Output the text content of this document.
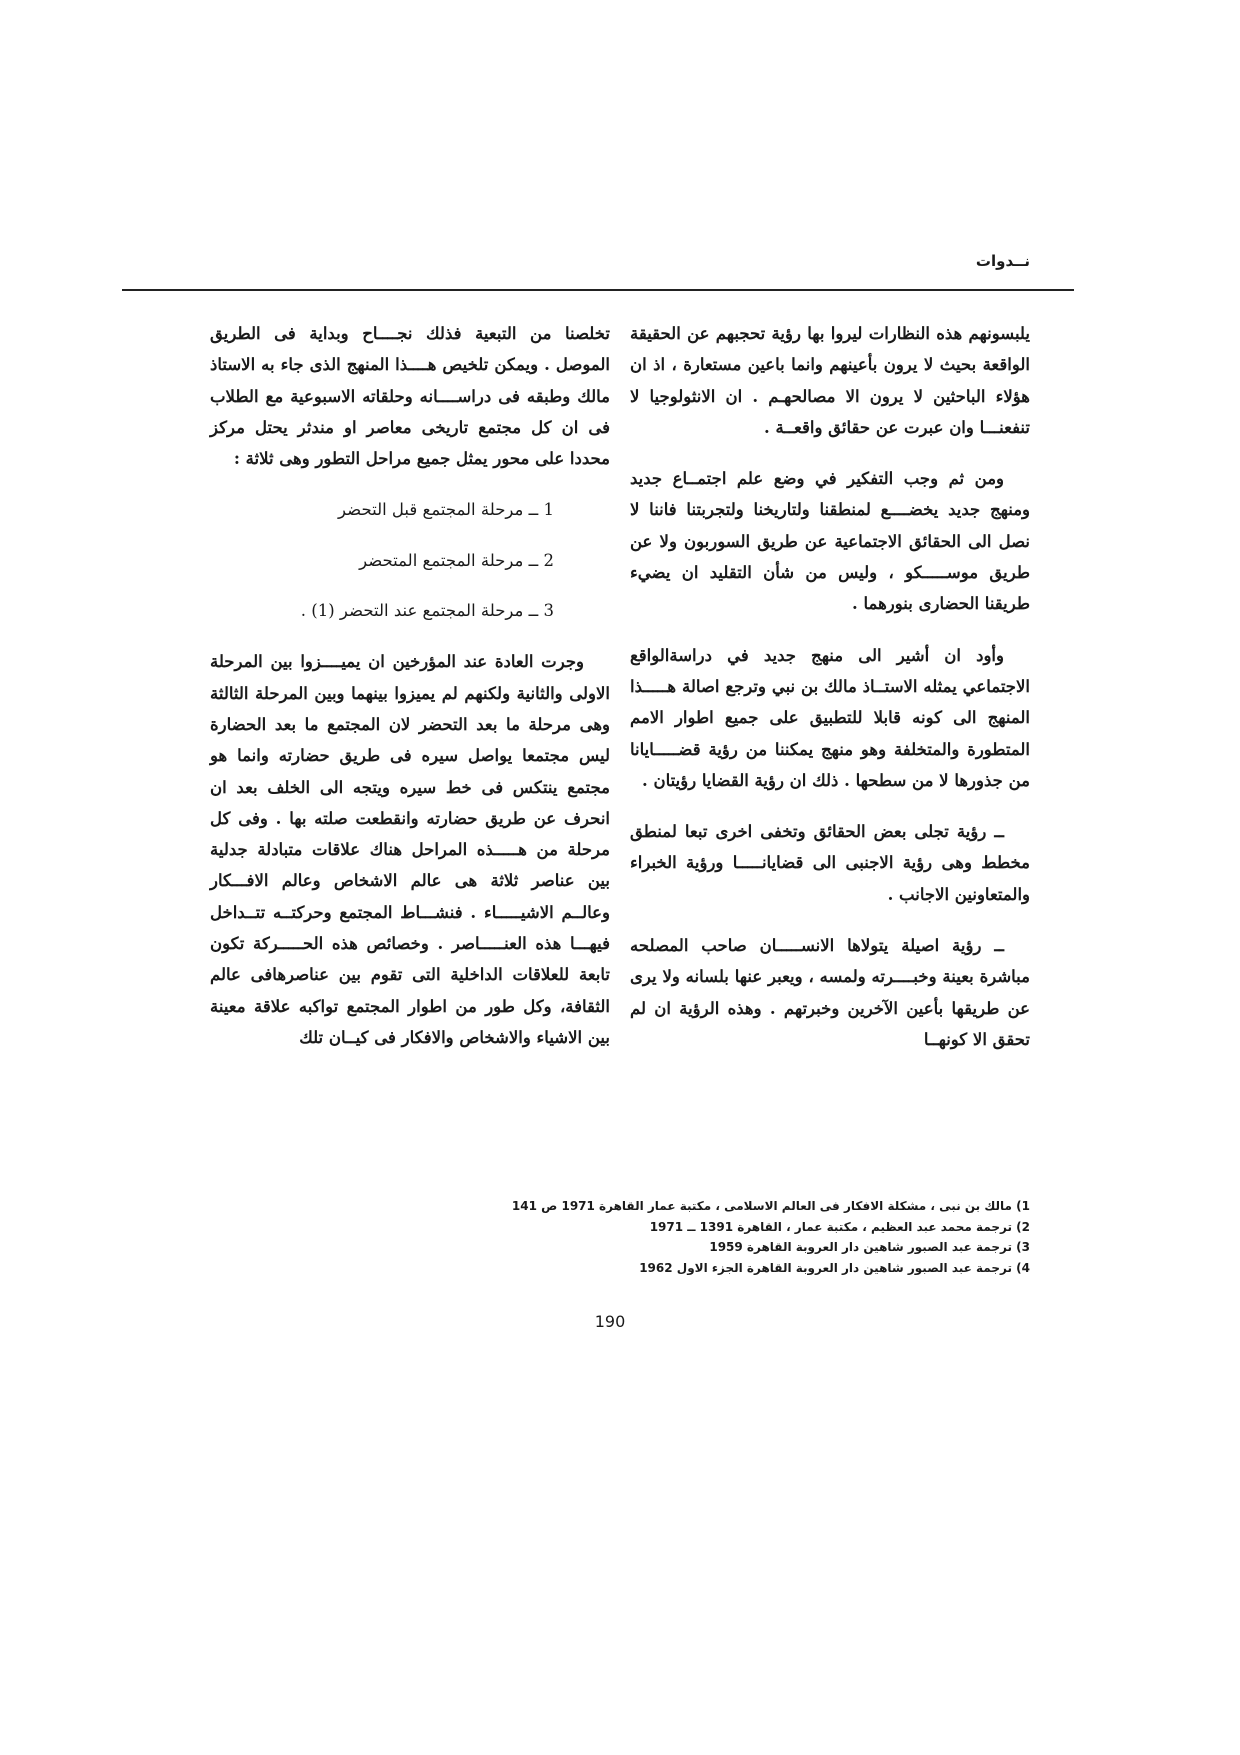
نــدوات

يلبسونهم هذه النظارات ليروا بها رؤية تحجبهم عن الحقيقة الواقعة بحيث لا يرون بأعينهم وانما باعين مستعارة ، اذ ان هؤلاء الباحثين لا يرون الا مصالحهـم . ان الانثولوجيا لا تنفعنـــا وان عبرت عن حقائق واقعــة .

ومن ثم وجب التفكير في وضع علم اجتمــاع جديد ومنهج جديد يخضــــع لمنطقنا ولتاريخنا ولتجربتنا فاننا لا نصل الى الحقائق الاجتماعية عن طريق السوربون ولا عن طريق موســـــكو ، وليس من شأن التقليد ان يضيء طريقنا الحضارى بنورهما .

وأود ان أشير الى منهج جديد في دراسةالواقع الاجتماعي يمثله الاستــاذ مالك بن نبي وترجع اصالة هـــــذا المنهج الى كونه قابلا للتطبيق على جميع اطوار الامم المتطورة والمتخلفة وهو منهج يمكننا من رؤية قضـــــايانا من جذورها لا من سطحها . ذلك ان رؤية القضايا رؤيتان .

ــ رؤية تجلى بعض الحقائق وتخفى اخرى تبعا لمنطق مخطط وهى رؤية الاجنبى الى قضايانـــــا ورؤية الخبراء والمتعاونين الاجانب .

ــ رؤية اصيلة يتولاها الانســـــان صاحب المصلحه مباشرة بعينة وخبــــرته ولمسه ، ويعبر عنها بلسانه ولا يرى عن طريقها بأعين الآخرين وخبرتهم . وهذه الرؤية ان لم تحقق الا كونهــا

تخلصنا من التبعية فذلك نجــــاح وبداية فى الطريق الموصل . ويمكن تلخيص هــــذا المنهج الذى جاء به الاستاذ مالك وطبقه فى دراســــانه وحلقاته الاسبوعية مع الطلاب فى ان كل مجتمع تاريخى معاصر او مندثر يحتل مركز محددا على محور يمثل جميع مراحل التطور وهى ثلاثة :

1 ــ مرحلة المجتمع قبل التحضر
2 ــ مرحلة المجتمع المتحضر
3 ــ مرحلة المجتمع عند التحضر (1) .

وجرت العادة عند المؤرخين ان يميــــزوا بين المرحلة الاولى والثانية ولكنهم لم يميزوا بينهما وبين المرحلة الثالثة وهى مرحلة ما بعد التحضر لان المجتمع ما بعد الحضارة ليس مجتمعا يواصل سيره فى طريق حضارته وانما هو مجتمع ينتكس فى خط سيره ويتجه الى الخلف بعد ان انحرف عن طريق حضارته وانقطعت صلته بها . وفى كل مرحلة من هـــــذه المراحل هناك علاقات متبادلة جدلية بين عناصر ثلاثة هى عالم الاشخاص وعالم الافـــكار وعالــم الاشيـــــاء . فنشـــاط المجتمع وحركتــه تتــداخل فيهـــا هذه العنـــــاصر . وخصائص هذه الحـــــركة تكون تابعة للعلاقات الداخلية التى تقوم بين عناصرهافى عالم الثقافة، وكل طور من اطوار المجتمع تواكبه علاقة معينة بين الاشياء والاشخاص والافكار فى كيــان تلك

1) مالك بن نبى ، مشكلة الافكار فى العالم الاسلامى ، مكتبة عمار القاهرة 1971 ص 141
2) ترجمة محمد عبد العظيم ، مكتبة عمار ، القاهرة 1391 ــ 1971
3) ترجمة عبد الصبور شاهين دار العروبة القاهرة 1959
4) ترجمة عبد الصبور شاهين دار العروبة القاهرة الجزء الاول 1962
190
